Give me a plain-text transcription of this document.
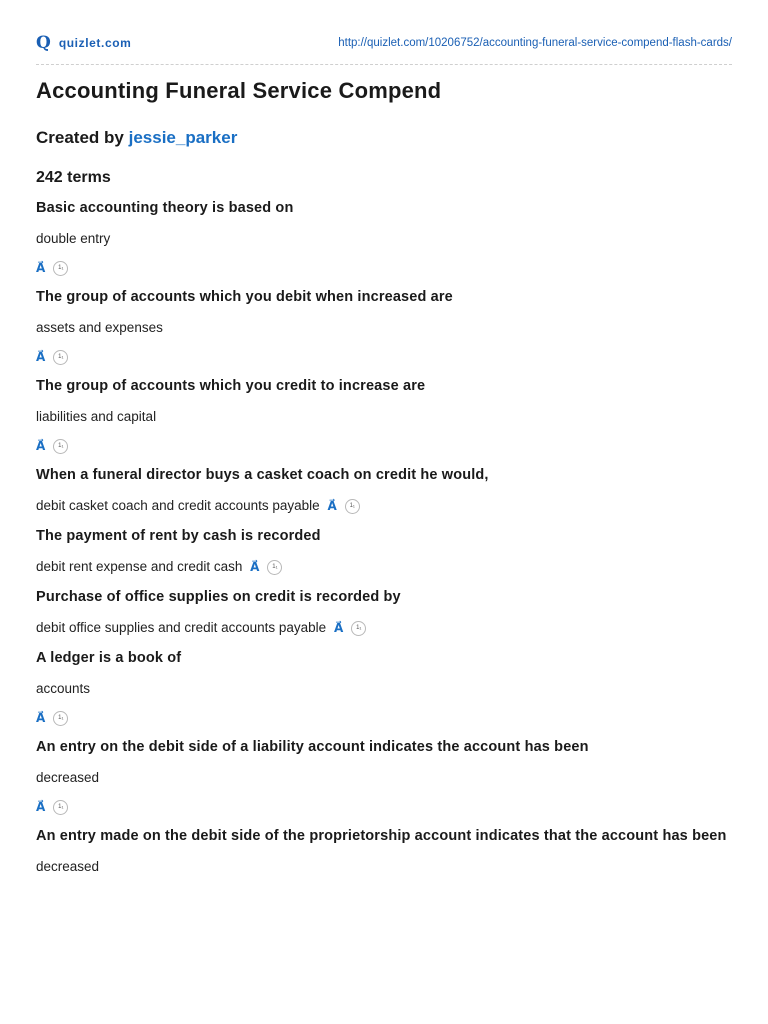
Q quizlet.com	http://quizlet.com/10206752/accounting-funeral-service-compend-flash-cards/
Accounting Funeral Service Compend
Created by jessie_parker
242 terms
Basic accounting theory is based on
double entry
A⃗	1₁
The group of accounts which you debit when increased are
assets and expenses
A⃗	1₁
The group of accounts which you credit to increase are
liabilities and capital
A⃗	1₁
When a funeral director buys a casket coach on credit he would,
debit casket coach and credit accounts payable A⃗	1₁
The payment of rent by cash is recorded
debit rent expense and credit cash A⃗	1₁
Purchase of office supplies on credit is recorded by
debit office supplies and credit accounts payable A⃗	1₁
A ledger is a book of
accounts
A⃗	1₁
An entry on the debit side of a liability account indicates the account has been
decreased
A⃗	1₁
An entry made on the debit side of the proprietorship account indicates that the account has been
decreased
